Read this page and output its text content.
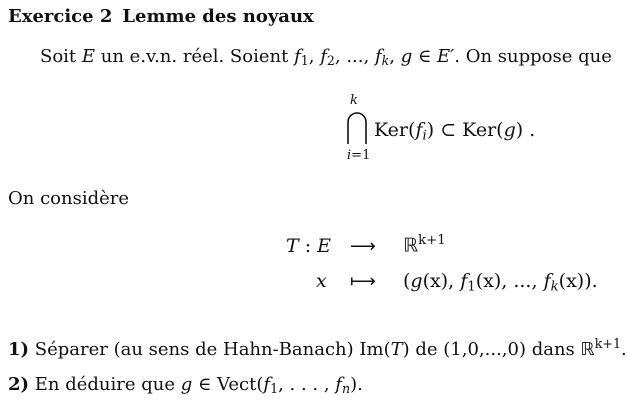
Exercice 2 Lemme des noyaux
Soit E un e.v.n. réel. Soient $f_1$, $f_2$, ..., $f_k$, g ∈ E′. On suppose que
k
i=1
$Ker(f_i)$ ⊂ Ker(g) .
On considère
T : E ⟶ ℝ$^{k+1}$
x ⟼ (g(x), $f_1(x)$, ..., $f_k(x)$).
1) Séparer (au sens de Hahn-Banach) Im(T) de (1,0,...,0) dans ℝ$^{k+1}$.
2) En déduire que g ∈ $Vect(f_1$, . . . , $f_n$).
